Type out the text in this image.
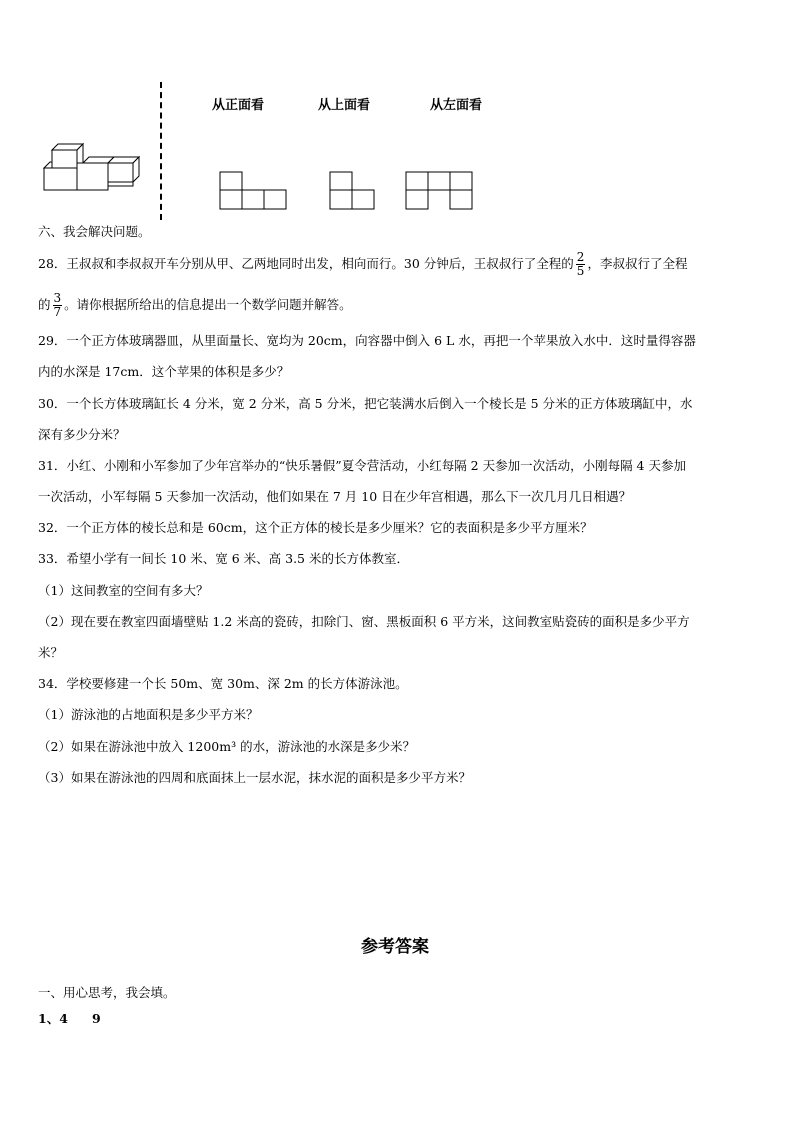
从正面看	从上面看	从左面看
六、我会解决问题。
28．王叔叔和李叔叔开车分别从甲、乙两地同时出发，相向而行。30 分钟后，王叔叔行了全程的 $\frac{2}{5}$ ，李叔叔行了全程
的 $\frac{3}{7}$ 。请你根据所给出的信息提出一个数学问题并解答。
29．一个正方体玻璃器皿，从里面量长、宽均为 20cm，向容器中倒入 6 L 水，再把一个苹果放入水中．这时量得容器
内的水深是 17cm．这个苹果的体积是多少？
30．一个长方体玻璃缸长 4 分米，宽 2 分米，高 5 分米，把它装满水后倒入一个棱长是 5 分米的正方体玻璃缸中，水
深有多少分米？
31．小红、小刚和小军参加了少年宫举办的“快乐暑假”夏令营活动，小红每隔 2 天参加一次活动，小刚每隔 4 天参加
一次活动，小军每隔 5 天参加一次活动，他们如果在 7 月 10 日在少年宫相遇，那么下一次几月几日相遇？
32．一个正方体的棱长总和是 60cm，这个正方体的棱长是多少厘米？它的表面积是多少平方厘米？
33．希望小学有一间长 10 米、宽 6 米、高 3.5 米的长方体教室．
（1）这间教室的空间有多大？
（2）现在要在教室四面墙壁贴 1.2 米高的瓷砖，扣除门、窗、黑板面积 6 平方米，这间教室贴瓷砖的面积是多少平方
米？
34．学校要修建一个长 50m、宽 30m、深 2m 的长方体游泳池。
（1）游泳池的占地面积是多少平方米？
（2）如果在游泳池中放入 1200m³ 的水，游泳池的水深是多少米？
（3）如果在游泳池的四周和底面抹上一层水泥，抹水泥的面积是多少平方米？
参考答案
一、用心思考，我会填。
1、4 9
